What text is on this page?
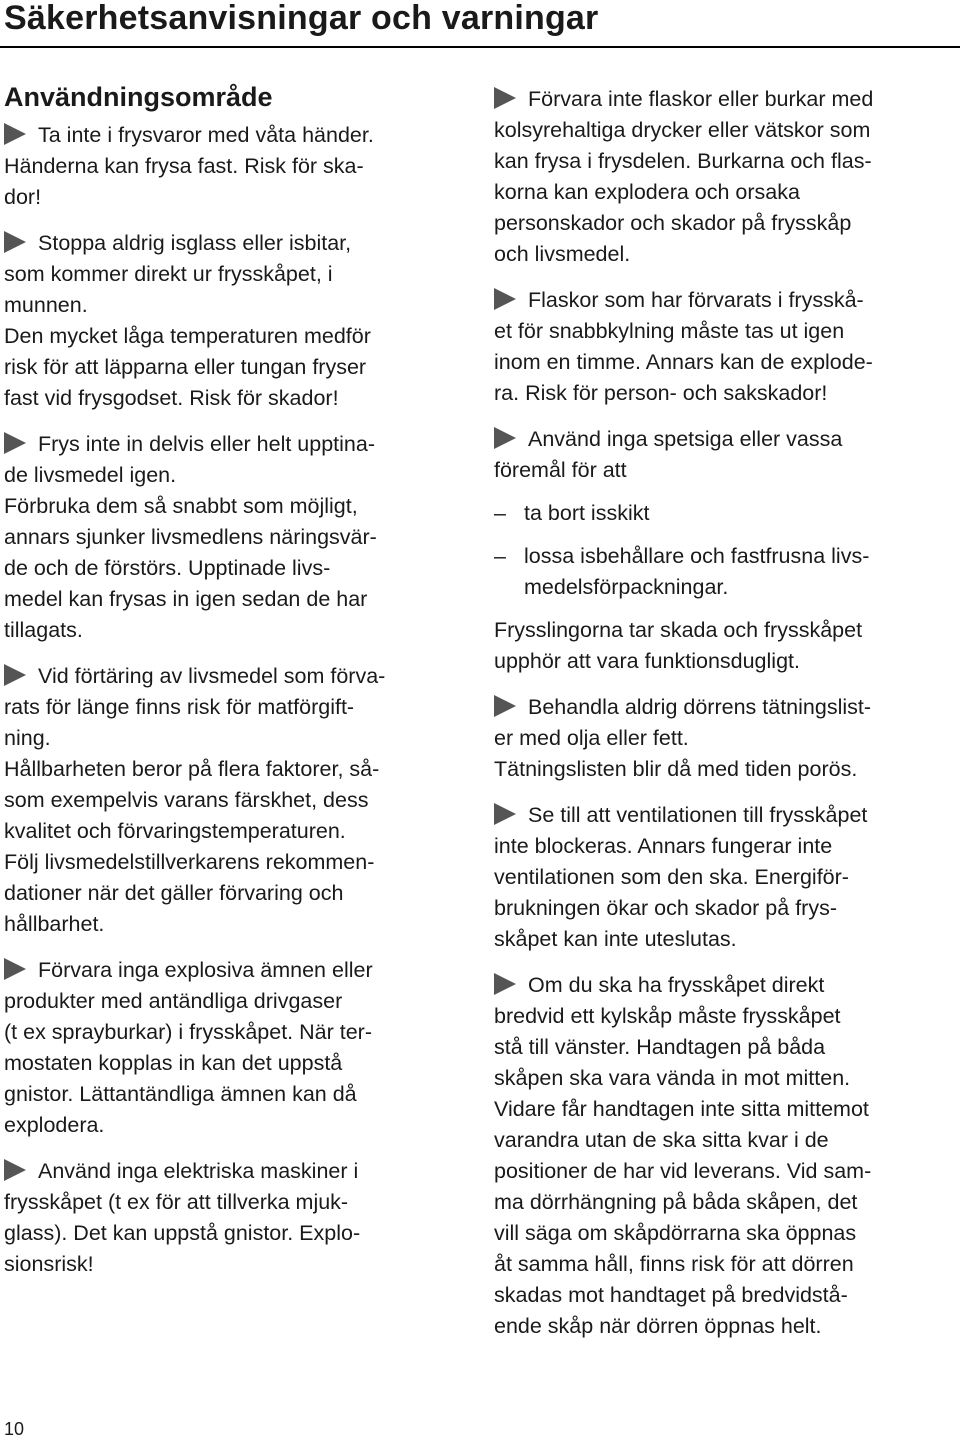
Säkerhetsanvisningar och varningar
Användningsområde
Ta inte i frysvaror med våta händer.
Händerna kan frysa fast. Risk för ska-
dor!
Stoppa aldrig isglass eller isbitar,
som kommer direkt ur frysskåpet, i
munnen.
Den mycket låga temperaturen medför
risk för att läpparna eller tungan fryser
fast vid frysgodset. Risk för skador!
Frys inte in delvis eller helt upptina-
de livsmedel igen.
Förbruka dem så snabbt som möjligt,
annars sjunker livsmedlens näringsvär-
de och de förstörs. Upptinade livs-
medel kan frysas in igen sedan de har
tillagats.
Vid förtäring av livsmedel som förva-
rats för länge finns risk för matförgift-
ning.
Hållbarheten beror på flera faktorer, så-
som exempelvis varans färskhet, dess
kvalitet och förvaringstemperaturen.
Följ livsmedelstillverkarens rekommen-
dationer när det gäller förvaring och
hållbarhet.
Förvara inga explosiva ämnen eller
produkter med antändliga drivgaser
(t ex sprayburkar) i frysskåpet. När ter-
mostaten kopplas in kan det uppstå
gnistor. Lättantändliga ämnen kan då
explodera.
Använd inga elektriska maskiner i
frysskåpet (t ex för att tillverka mjuk-
glass). Det kan uppstå gnistor. Explo-
sionsrisk!
Förvara inte flaskor eller burkar med
kolsyrehaltiga drycker eller vätskor som
kan frysa i frysdelen. Burkarna och flas-
korna kan explodera och orsaka
personskador och skador på frysskåp
och livsmedel.
Flaskor som har förvarats i frysskå-
et för snabbkylning måste tas ut igen
inom en timme. Annars kan de explode-
ra. Risk för person- och sakskador!
Använd inga spetsiga eller vassa
föremål för att
– ta bort isskikt
– lossa isbehållare och fastfrusna livs-
medelsförpackningar.
Frysslingorna tar skada och frysskåpet
upphör att vara funktionsdugligt.
Behandla aldrig dörrens tätningslist-
er med olja eller fett.
Tätningslisten blir då med tiden porös.
Se till att ventilationen till frysskåpet
inte blockeras. Annars fungerar inte
ventilationen som den ska. Energiför-
brukningen ökar och skador på frys-
skåpet kan inte uteslutas.
Om du ska ha frysskåpet direkt
bredvid ett kylskåp måste frysskåpet
stå till vänster. Handtagen på båda
skåpen ska vara vända in mot mitten.
Vidare får handtagen inte sitta mittemot
varandra utan de ska sitta kvar i de
positioner de har vid leverans. Vid sam-
ma dörrhängning på båda skåpen, det
vill säga om skåpdörrarna ska öppnas
åt samma håll, finns risk för att dörren
skadas mot handtaget på bredvidstå-
ende skåp när dörren öppnas helt.
10
